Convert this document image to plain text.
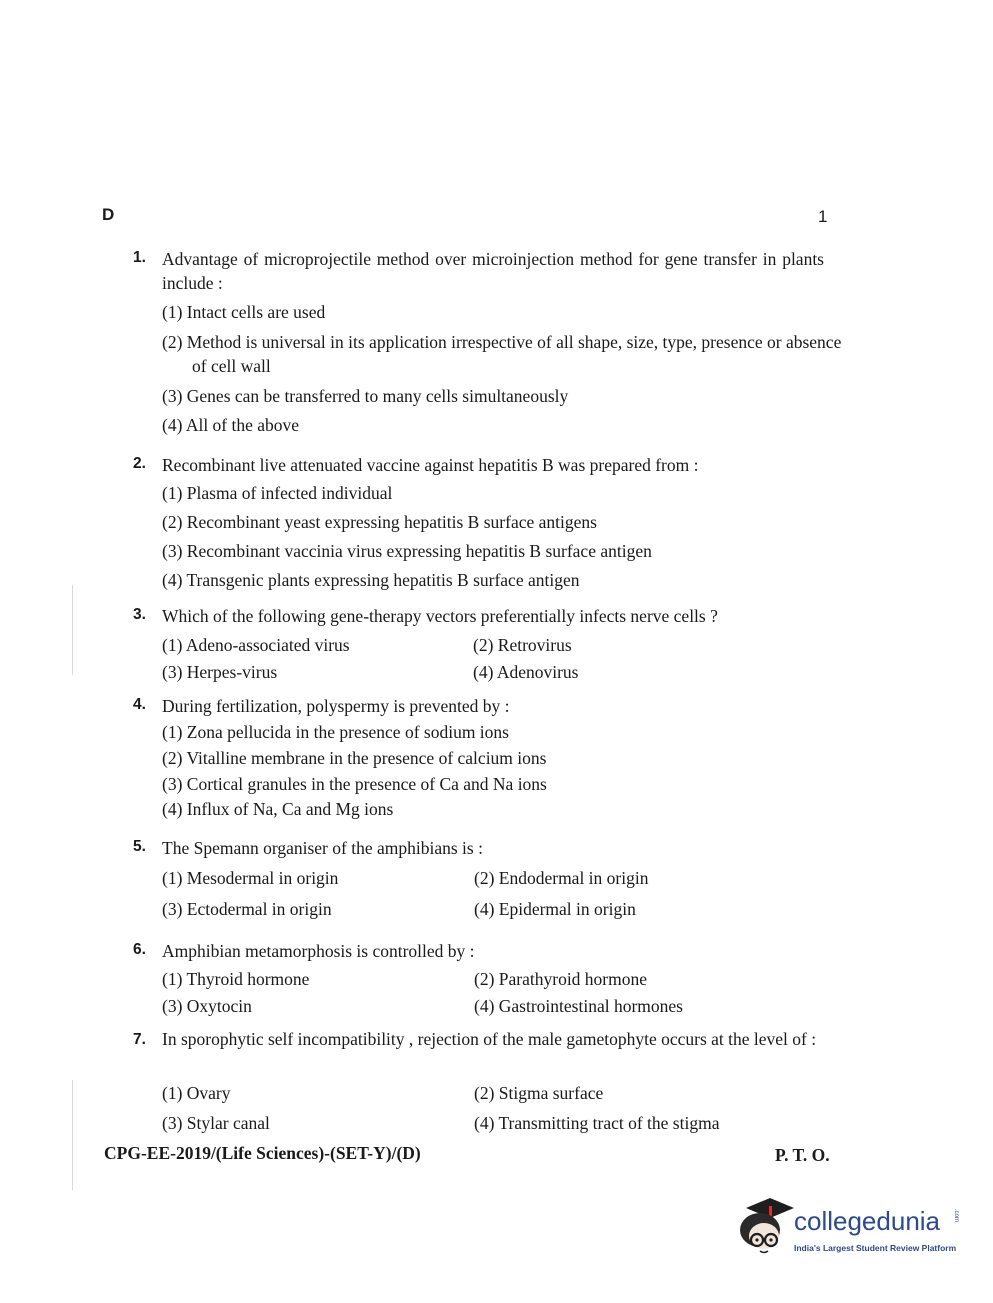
D	1
1. Advantage of microprojectile method over microinjection method for gene transfer in plants include :
(1) Intact cells are used
(2) Method is universal in its application irrespective of all shape, size, type, presence or absence of cell wall
(3) Genes can be transferred to many cells simultaneously
(4) All of the above
2. Recombinant live attenuated vaccine against hepatitis B was prepared from :
(1) Plasma of infected individual
(2) Recombinant yeast expressing hepatitis B surface antigens
(3) Recombinant vaccinia virus expressing hepatitis B surface antigen
(4) Transgenic plants expressing hepatitis B surface antigen
3. Which of the following gene-therapy vectors preferentially infects nerve cells ?
(1) Adeno-associated virus	(2) Retrovirus
(3) Herpes-virus	(4) Adenovirus
4. During fertilization, polyspermy is prevented by :
(1) Zona pellucida in the presence of sodium ions
(2) Vitalline membrane in the presence of calcium ions
(3) Cortical granules in the presence of Ca and Na ions
(4) Influx of Na, Ca and Mg ions
5. The Spemann organiser of the amphibians is :
(1) Mesodermal in origin	(2) Endodermal in origin
(3) Ectodermal in origin	(4) Epidermal in origin
6. Amphibian metamorphosis is controlled by :
(1) Thyroid hormone	(2) Parathyroid hormone
(3) Oxytocin	(4) Gastrointestinal hormones
7. In sporophytic self incompatibility , rejection of the male gametophyte occurs at the level of :
(1) Ovary	(2) Stigma surface
(3) Stylar canal	(4) Transmitting tract of the stigma
CPG-EE-2019/(Life Sciences)-(SET-Y)/(D)	P. T. O.
collegedunia .com
India's Largest Student Review Platform
